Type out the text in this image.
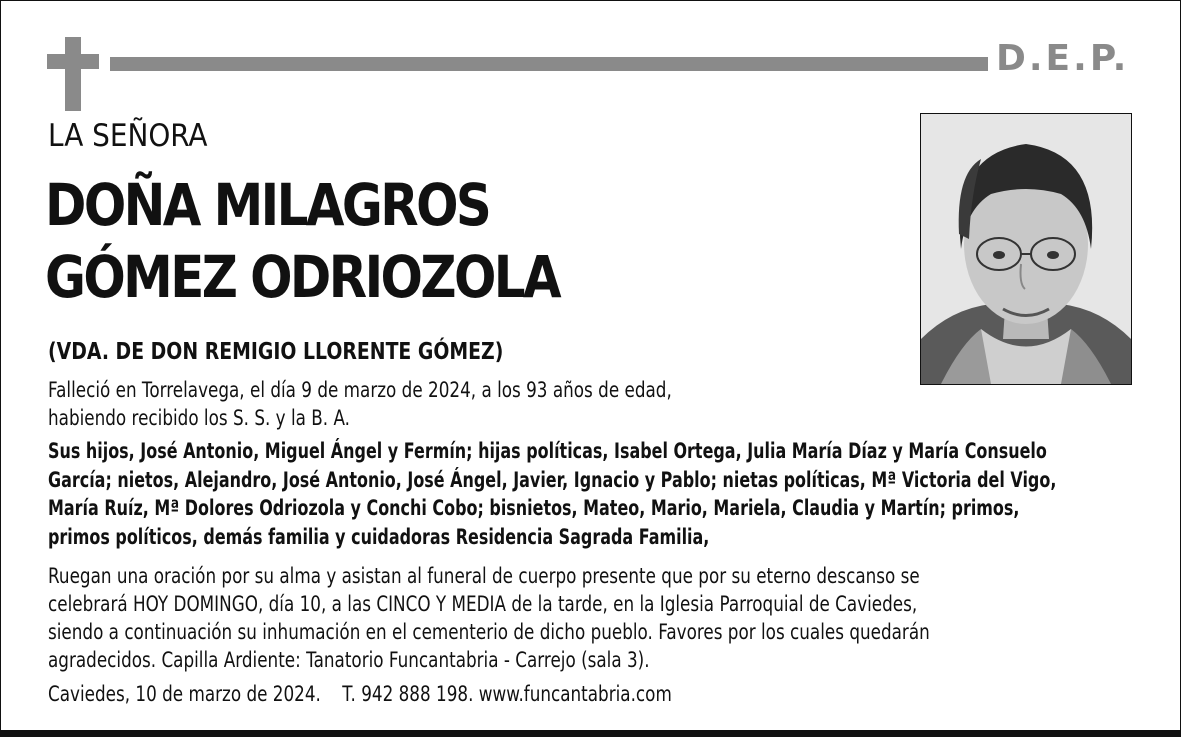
D.E.P.
LA SEÑORA
DOÑA MILAGROS
GÓMEZ ODRIOZOLA
(VDA. DE DON REMIGIO LLORENTE GÓMEZ)
Falleció en Torrelavega, el día 9 de marzo de 2024, a los 93 años de edad,
habiendo recibido los S. S. y la B. A.
Sus hijos, José Antonio, Miguel Ángel y Fermín; hijas políticas, Isabel Ortega, Julia María Díaz y María Consuelo
García; nietos, Alejandro, José Antonio, José Ángel, Javier, Ignacio y Pablo; nietas políticas, Mª Victoria del Vigo,
María Ruíz, Mª Dolores Odriozola y Conchi Cobo; bisnietos, Mateo, Mario, Mariela, Claudia y Martín; primos,
primos políticos, demás familia y cuidadoras Residencia Sagrada Familia,
Ruegan una oración por su alma y asistan al funeral de cuerpo presente que por su eterno descanso se
celebrará HOY DOMINGO, día 10, a las CINCO Y MEDIA de la tarde, en la Iglesia Parroquial de Caviedes,
siendo a continuación su inhumación en el cementerio de dicho pueblo. Favores por los cuales quedarán
agradecidos. Capilla Ardiente: Tanatorio Funcantabria - Carrejo (sala 3).
Caviedes, 10 de marzo de 2024.    T. 942 888 198. www.funcantabria.com
